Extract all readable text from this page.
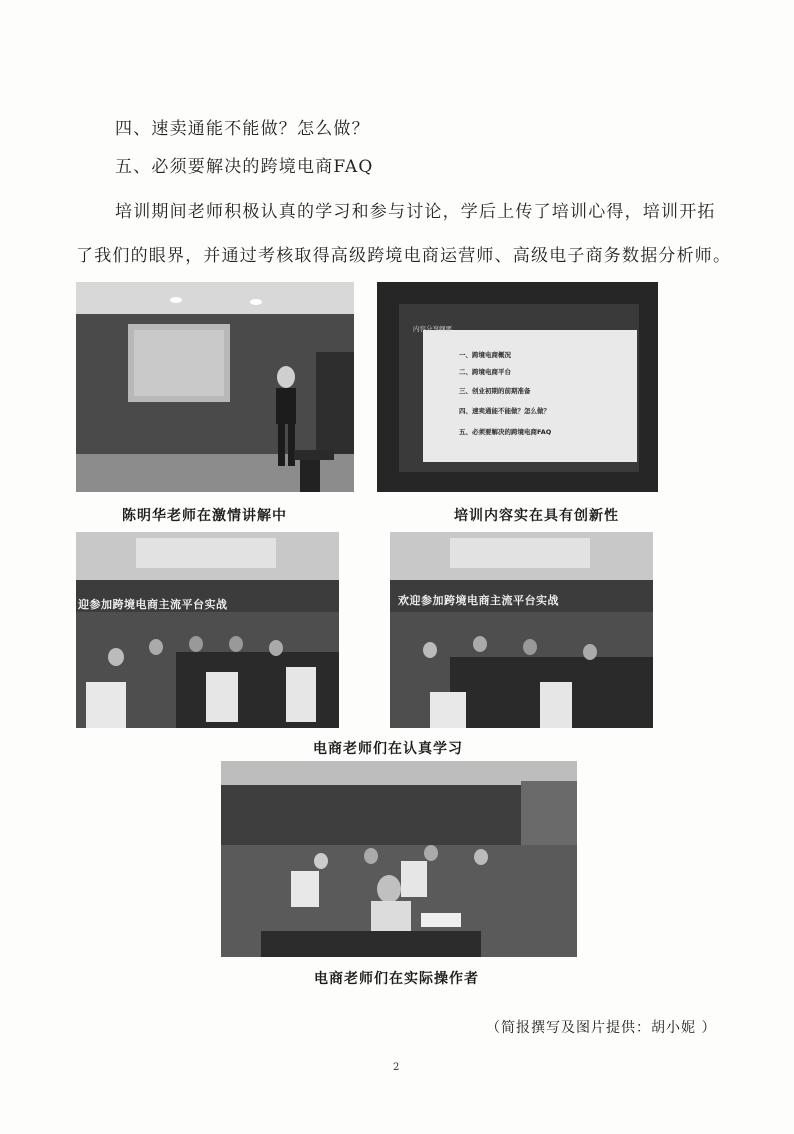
四、速卖通能不能做？怎么做？
五、必须要解决的跨境电商FAQ
培训期间老师积极认真的学习和参与讨论，学后上传了培训心得，培训开拓
了我们的眼界，并通过考核取得高级跨境电商运营师、高级电子商务数据分析师。
内容分享纲要
一、跨境电商概况
二、跨境电商平台
三、创业初期的前期准备
四、速卖通能不能做？怎么做？
五、必须要解决的跨境电商FAQ
陈明华老师在激情讲解中	培训内容实在具有创新性
迎参加跨境电商主流平台实战	欢迎参加跨境电商主流平台实战
电商老师们在认真学习
电商老师们在实际操作者
（简报撰写及图片提供：胡小妮 ）
2
